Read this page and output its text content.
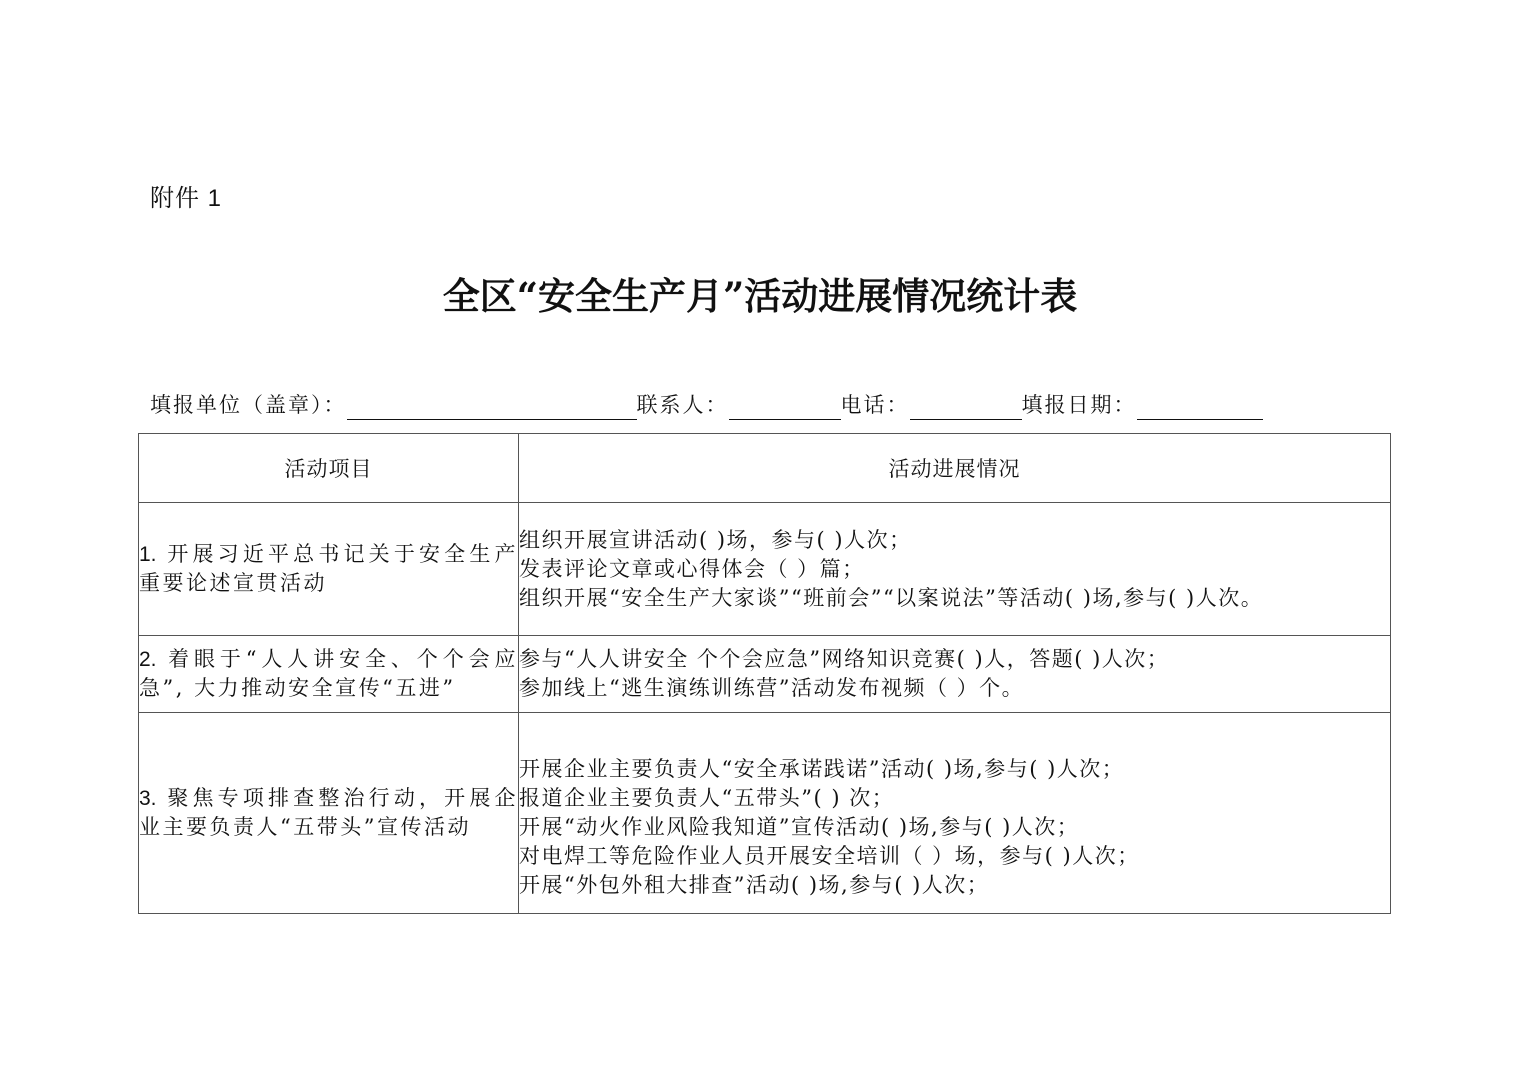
附件 1
全区“安全生产月”活动进展情况统计表
填报单位（盖章）：	联系人：	电话：	填报日期：
活动项目	活动进展情况
1. 开展习近平总书记关于安全生产重要论述宣贯活动	组织开展宣讲活动( )场，参与( )人次；
发表评论文章或心得体会（ ）篇；
组织开展“安全生产大家谈”“班前会”“以案说法”等活动( )场,参与( )人次。

2. 着眼于“人人讲安全、个个会应急”, 大力推动安全宣传“五进”	参与“人人讲安全 个个会应急”网络知识竞赛( )人，答题( )人次；
参加线上“逃生演练训练营”活动发布视频（ ）个。

3. 聚焦专项排查整治行动，开展企业主要负责人“五带头”宣传活动	开展企业主要负责人“安全承诺践诺”活动( )场,参与( )人次；
报道企业主要负责人“五带头”( ) 次；
开展“动火作业风险我知道”宣传活动( )场,参与( )人次；
对电焊工等危险作业人员开展安全培训（ ）场，参与( )人次；
开展“外包外租大排查”活动( )场,参与( )人次；
